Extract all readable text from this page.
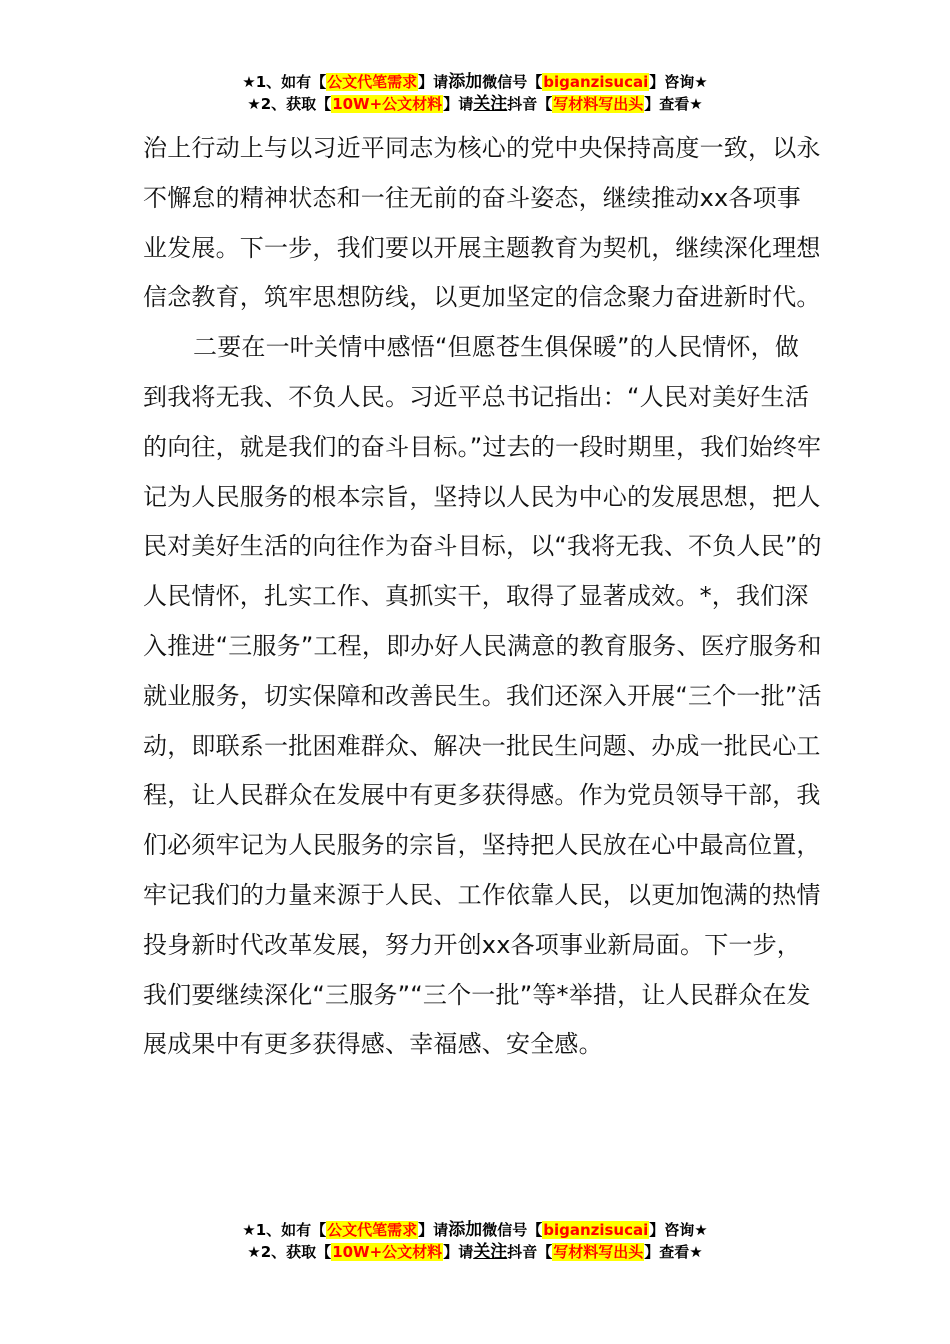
★1、如有【公文代笔需求】请添加微信号【biganzisucai】咨询★
★2、获取【10W+公文材料】请关注抖音【写材料写出头】查看★

治上行动上与以习近平同志为核心的党中央保持高度一致，以永不懈怠的精神状态和一往无前的奋斗姿态，继续推动xx各项事业发展。下一步，我们要以开展主题教育为契机，继续深化理想信念教育，筑牢思想防线，以更加坚定的信念聚力奋进新时代。

二要在一叶关情中感悟“但愿苍生俱保暖”的人民情怀，做到我将无我、不负人民。习近平总书记指出：“人民对美好生活的向往，就是我们的奋斗目标。”过去的一段时期里，我们始终牢记为人民服务的根本宗旨，坚持以人民为中心的发展思想，把人民对美好生活的向往作为奋斗目标，以“我将无我、不负人民”的人民情怀，扎实工作、真抓实干，取得了显著成效。*，我们深入推进“三服务”工程，即办好人民满意的教育服务、医疗服务和就业服务，切实保障和改善民生。我们还深入开展“三个一批”活动，即联系一批困难群众、解决一批民生问题、办成一批民心工程，让人民群众在发展中有更多获得感。作为党员领导干部，我们必须牢记为人民服务的宗旨，坚持把人民放在心中最高位置，牢记我们的力量来源于人民、工作依靠人民，以更加饱满的热情投身新时代改革发展，努力开创xx各项事业新局面。下一步，我们要继续深化“三服务”“三个一批”等*举措，让人民群众在发展成果中有更多获得感、幸福感、安全感。

★1、如有【公文代笔需求】请添加微信号【biganzisucai】咨询★
★2、获取【10W+公文材料】请关注抖音【写材料写出头】查看★
